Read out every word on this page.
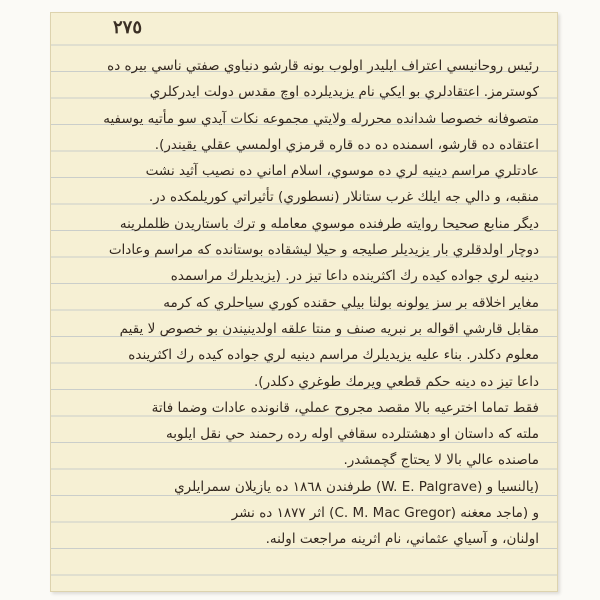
٢٧٥
رئيس روحانيسي اعتراف ايليدر اولوب بونه قارشو دنياوي صفتي ناسي بيره ده
كوسترمز. اعتقادلري بو ايكي نام يزيديلرده اوچ مقدس دولت ايدركلري
متصوفانه خصوصا شدانده محررله ولايتي مجموعه نكات آيدي سو مأتيه يوسفيه
اعتقاده ده قارشو، اسمنده ده ده قاره قرمزي اولمسي عقلي يقيندر).
عادتلري مراسم دينيه لري ده موسوي، اسلام اماني ده نصيب آثيد نشت
منقبه، و دالي جه ايلك غرب ستانلار (نسطوري) تأثيراتي كوريلمكده در.
ديگر منابع صحيحا روايته طرفنده موسوي معامله و ترك باستاريدن ظلملرينه
دوچار اولدقلري بار يزيديلر صليجه و حيلا ليشقاده بوستانده كه مراسم وعادات
دينيه لري جواده كيده رك اكثرينده داعا تيز در. (يزيديلرك مراسمده
مغاير اخلاقه بر سز يولونه بولنا بيلي حقنده كوري سياحلري كه كرمه
مقابل قارشي اقواله بر نبريه صنف و منتا علقه اولدينيندن بو خصوص لا يقيم
معلوم دكلدر. بناء عليه يزيديلرك مراسم دينيه لري جواده كيده رك اكثرينده
داعا تيز ده دينه حكم قطعي ويرمك طوغري دكلدر).
فقط تماما اخترعيه بالا مقصد مجروح عملي، قانونده عادات وضما فاتة
ملته كه داستان او دهشتلرده سقافي اوله رده رحمند حي نقل ايلوبه
ماصنده عالي بالا لا يحتاج گچمشدر.
(يالنسيا و (W. E. Palgrave) طرفندن ١٨٦٨ ده يازيلان سمرايلري
و (ماجد معغنه (C. M. Mac Gregor) اثر ١٨٧٧ ده نشر
اولنان، و آسياي عثماني، نام اثرينه مراجعت اولنه.
